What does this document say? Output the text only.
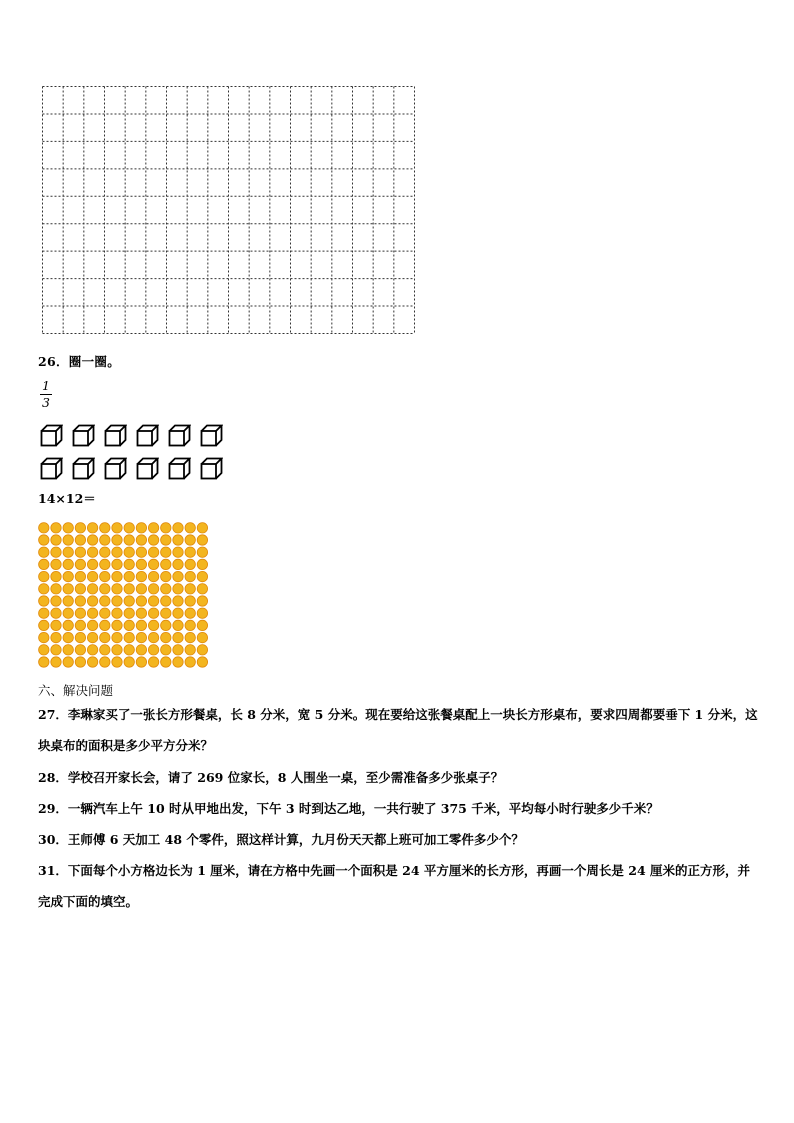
26．圈一圈。
1
3
14×12＝
六、解决问题
27．李琳家买了一张长方形餐桌，长 8 分米，宽 5 分米。现在要给这张餐桌配上一块长方形桌布，要求四周都要垂下 1 分米，这块桌布的面积是多少平方分米？
28．学校召开家长会，请了 269 位家长，8 人围坐一桌，至少需准备多少张桌子？
29．一辆汽车上午 10 时从甲地出发，下午 3 时到达乙地，一共行驶了 375 千米，平均每小时行驶多少千米？
30．王师傅 6 天加工 48 个零件，照这样计算，九月份天天都上班可加工零件多少个？
31．下面每个小方格边长为 1 厘米，请在方格中先画一个面积是 24 平方厘米的长方形，再画一个周长是 24 厘米的正方形，并完成下面的填空。
